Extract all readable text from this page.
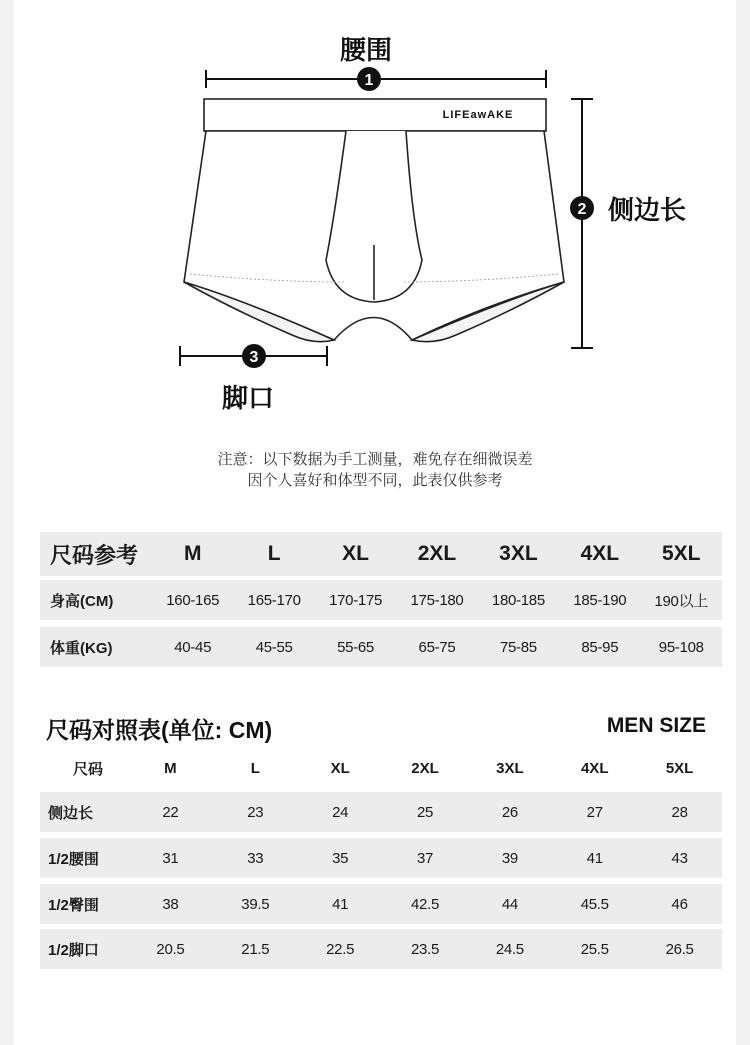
腰围
侧边长
脚口
1
2
3
LIFEawAKE
注意：以下数据为手工测量，难免存在细微误差
因个人喜好和体型不同，此表仅供参考
尺码参考	M	L	XL	2XL	3XL	4XL	5XL
身高(CM)	160-165	165-170	170-175	175-180	180-185	185-190	190以上
体重(KG)	40-45	45-55	55-65	65-75	75-85	85-95	95-108
尺码对照表(单位: CM)	MEN SIZE
尺码	M	L	XL	2XL	3XL	4XL	5XL
侧边长	22	23	24	25	26	27	28
1/2腰围	31	33	35	37	39	41	43
1/2臀围	38	39.5	41	42.5	44	45.5	46
1/2脚口	20.5	21.5	22.5	23.5	24.5	25.5	26.5
